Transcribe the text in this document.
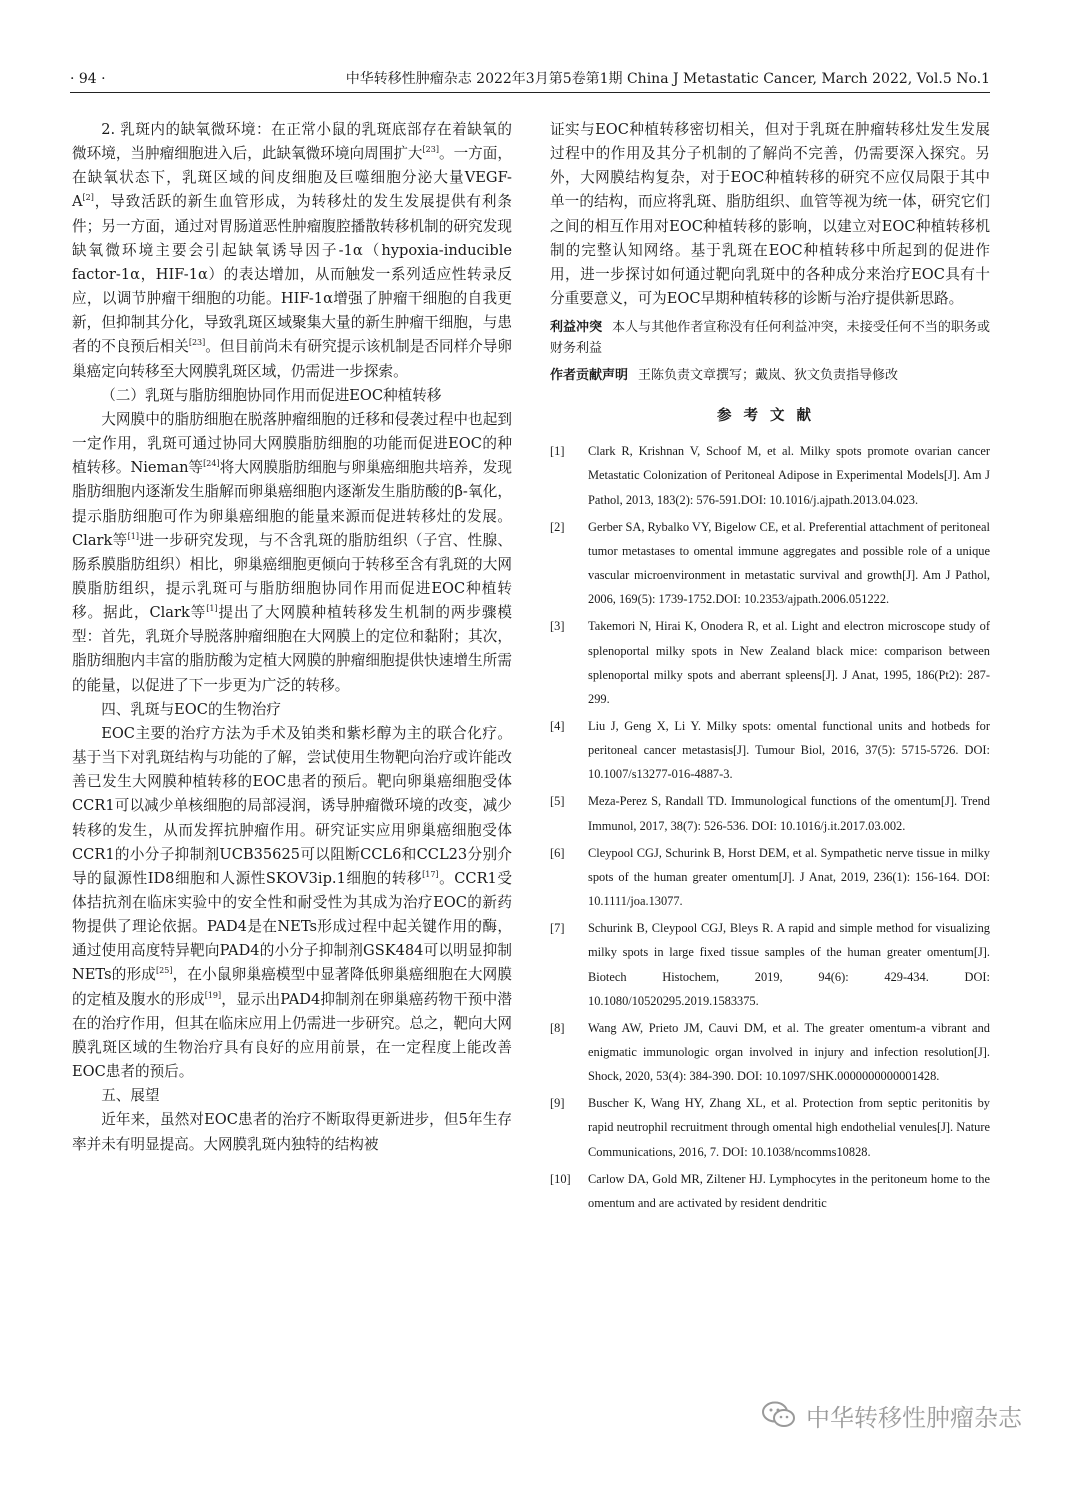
· 94 ·	中华转移性肿瘤杂志 2022年3月第5卷第1期 China J Metastatic Cancer, March 2022, Vol.5 No.1

2. 乳斑内的缺氧微环境：在正常小鼠的乳斑底部存在着缺氧的微环境，当肿瘤细胞进入后，此缺氧微环境向周围扩大[23]。一方面，在缺氧状态下，乳斑区域的间皮细胞及巨噬细胞分泌大量VEGF-A[2]，导致活跃的新生血管形成，为转移灶的发生发展提供有利条件；另一方面，通过对胃肠道恶性肿瘤腹腔播散转移机制的研究发现缺氧微环境主要会引起缺氧诱导因子-1α（hypoxia-inducible factor-1α，HIF-1α）的表达增加，从而触发一系列适应性转录反应，以调节肿瘤干细胞的功能。HIF-1α增强了肿瘤干细胞的自我更新，但抑制其分化，导致乳斑区域聚集大量的新生肿瘤干细胞，与患者的不良预后相关[23]。但目前尚未有研究提示该机制是否同样介导卵巢癌定向转移至大网膜乳斑区域，仍需进一步探索。

（二）乳斑与脂肪细胞协同作用而促进EOC种植转移

大网膜中的脂肪细胞在脱落肿瘤细胞的迁移和侵袭过程中也起到一定作用，乳斑可通过协同大网膜脂肪细胞的功能而促进EOC的种植转移。Nieman等[24]将大网膜脂肪细胞与卵巢癌细胞共培养，发现脂肪细胞内逐渐发生脂解而卵巢癌细胞内逐渐发生脂肪酸的β-氧化，提示脂肪细胞可作为卵巢癌细胞的能量来源而促进转移灶的发展。Clark等[1]进一步研究发现，与不含乳斑的脂肪组织（子宫、性腺、肠系膜脂肪组织）相比，卵巢癌细胞更倾向于转移至含有乳斑的大网膜脂肪组织，提示乳斑可与脂肪细胞协同作用而促进EOC种植转移。据此，Clark等[1]提出了大网膜种植转移发生机制的两步骤模型：首先，乳斑介导脱落肿瘤细胞在大网膜上的定位和黏附；其次，脂肪细胞内丰富的脂肪酸为定植大网膜的肿瘤细胞提供快速增生所需的能量，以促进了下一步更为广泛的转移。

四、乳斑与EOC的生物治疗

EOC主要的治疗方法为手术及铂类和紫杉醇为主的联合化疗。基于当下对乳斑结构与功能的了解，尝试使用生物靶向治疗或许能改善已发生大网膜种植转移的EOC患者的预后。靶向卵巢癌细胞受体CCR1可以减少单核细胞的局部浸润，诱导肿瘤微环境的改变，减少转移的发生，从而发挥抗肿瘤作用。研究证实应用卵巢癌细胞受体CCR1的小分子抑制剂UCB35625可以阻断CCL6和CCL23分别介导的鼠源性ID8细胞和人源性SKOV3ip.1细胞的转移[17]。CCR1受体拮抗剂在临床实验中的安全性和耐受性为其成为治疗EOC的新药物提供了理论依据。PAD4是在NETs形成过程中起关键作用的酶，通过使用高度特异靶向PAD4的小分子抑制剂GSK484可以明显抑制NETs的形成[25]，在小鼠卵巢癌模型中显著降低卵巢癌细胞在大网膜的定植及腹水的形成[19]，显示出PAD4抑制剂在卵巢癌药物干预中潜在的治疗作用，但其在临床应用上仍需进一步研究。总之，靶向大网膜乳斑区域的生物治疗具有良好的应用前景，在一定程度上能改善EOC患者的预后。

五、展望

近年来，虽然对EOC患者的治疗不断取得更新进步，但5年生存率并未有明显提高。大网膜乳斑内独特的结构被

证实与EOC种植转移密切相关，但对于乳斑在肿瘤转移灶发生发展过程中的作用及其分子机制的了解尚不完善，仍需要深入探究。另外，大网膜结构复杂，对于EOC种植转移的研究不应仅局限于其中单一的结构，而应将乳斑、脂肪组织、血管等视为统一体，研究它们之间的相互作用对EOC种植转移的影响，以建立对EOC种植转移机制的完整认知网络。基于乳斑在EOC种植转移中所起到的促进作用，进一步探讨如何通过靶向乳斑中的各种成分来治疗EOC具有十分重要意义，可为EOC早期种植转移的诊断与治疗提供新思路。

利益冲突 本人与其他作者宣称没有任何利益冲突，未接受任何不当的职务或财务利益

作者贡献声明 王陈负责文章撰写；戴岚、狄文负责指导修改

参考文献
[1] Clark R, Krishnan V, Schoof M, et al. Milky spots promote ovarian cancer Metastatic Colonization of Peritoneal Adipose in Experimental Models[J]. Am J Pathol, 2013, 183(2): 576-591.DOI: 10.1016/j.ajpath.2013.04.023.
[2] Gerber SA, Rybalko VY, Bigelow CE, et al. Preferential attachment of peritoneal tumor metastases to omental immune aggregates and possible role of a unique vascular microenvironment in metastatic survival and growth[J]. Am J Pathol, 2006, 169(5): 1739-1752.DOI: 10.2353/ajpath.2006.051222.
[3] Takemori N, Hirai K, Onodera R, et al. Light and electron microscope study of splenoportal milky spots in New Zealand black mice: comparison between splenoportal milky spots and aberrant spleens[J]. J Anat, 1995, 186(Pt2): 287-299.
[4] Liu J, Geng X, Li Y. Milky spots: omental functional units and hotbeds for peritoneal cancer metastasis[J]. Tumour Biol, 2016, 37(5): 5715-5726. DOI: 10.1007/s13277-016-4887-3.
[5] Meza-Perez S, Randall TD. Immunological functions of the omentum[J]. Trend Immunol, 2017, 38(7): 526-536. DOI: 10.1016/j.it.2017.03.002.
[6] Cleypool CGJ, Schurink B, Horst DEM, et al. Sympathetic nerve tissue in milky spots of the human greater omentum[J]. J Anat, 2019, 236(1): 156-164. DOI: 10.1111/joa.13077.
[7] Schurink B, Cleypool CGJ, Bleys R. A rapid and simple method for visualizing milky spots in large fixed tissue samples of the human greater omentum[J]. Biotech Histochem, 2019, 94(6): 429-434. DOI: 10.1080/10520295.2019.1583375.
[8] Wang AW, Prieto JM, Cauvi DM, et al. The greater omentum-a vibrant and enigmatic immunologic organ involved in injury and infection resolution[J]. Shock, 2020, 53(4): 384-390. DOI: 10.1097/SHK.0000000000001428.
[9] Buscher K, Wang HY, Zhang XL, et al. Protection from septic peritonitis by rapid neutrophil recruitment through omental high endothelial venules[J]. Nature Communications, 2016, 7. DOI: 10.1038/ncomms10828.
[10] Carlow DA, Gold MR, Ziltener HJ. Lymphocytes in the peritoneum home to the omentum and are activated by resident dendritic
中华转移性肿瘤杂志
